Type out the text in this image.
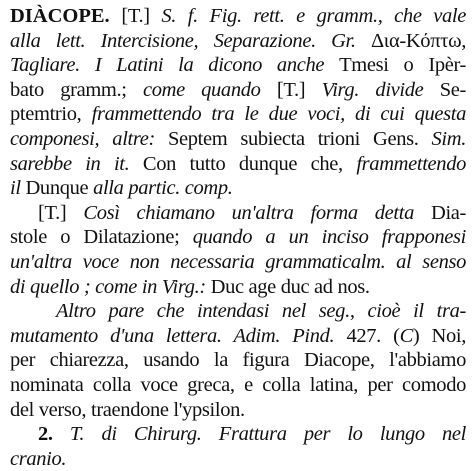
DIÀCOPE. [T.] S. f. Fig. rett. e gramm., che vale
alla lett. Intercisione, Separazione. Gr. Δια-Κόπτω,
Tagliare. I Latini la dicono anche Tmesi o Ipèr-
bato gramm.; come quando [T.] Virg. divide Se-
ptemtrio, frammettendo tra le due voci, di cui questa
componesi, altre: Septem subiecta trioni Gens. Sim.
sarebbe in it. Con tutto dunque che, frammettendo
il Dunque alla partic. comp.
[T.] Così chiamano un'altra forma detta Dia-
stole o Dilatazione; quando a un inciso frapponesi
un'altra voce non necessaria grammaticalm. al senso
di quello ; come in Virg.: Duc age duc ad nos.
Altro pare che intendasi nel seg., cioè il tra-
mutamento d'una lettera. Adim. Pind. 427. (C) Noi,
per chiarezza, usando la figura Diacope, l'abbiamo
nominata colla voce greca, e colla latina, per comodo
del verso, traendone l'ypsilon.
2. T. di Chirurg. Frattura per lo lungo nel
cranio.
